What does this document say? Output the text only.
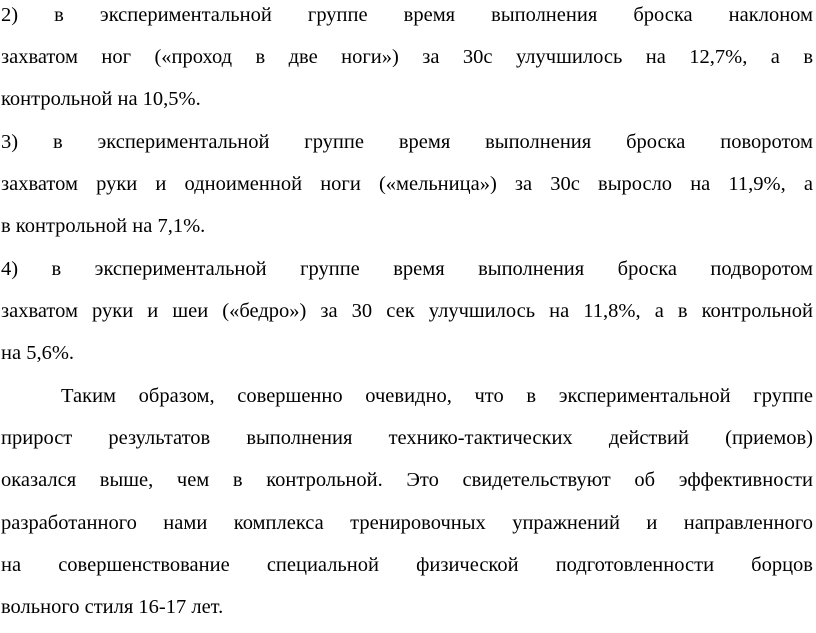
2) в экспериментальной группе время выполнения броска наклоном
захватом ног («проход в две ноги») за 30с улучшилось на 12,7%, а в
контрольной на 10,5%.
3) в экспериментальной группе время выполнения броска поворотом
захватом руки и одноименной ноги («мельница») за 30с выросло на 11,9%, а
в контрольной на 7,1%.
4) в экспериментальной группе время выполнения броска подворотом
захватом руки и шеи («бедро») за 30 сек улучшилось на 11,8%, а в контрольной
на 5,6%.
Таким образом, совершенно очевидно, что в экспериментальной группе
прирост результатов выполнения технико-тактических действий (приемов)
оказался выше, чем в контрольной. Это свидетельствуют об эффективности
разработанного нами комплекса тренировочных упражнений и направленного
на совершенствование специальной физической подготовленности борцов
вольного стиля 16-17 лет.
